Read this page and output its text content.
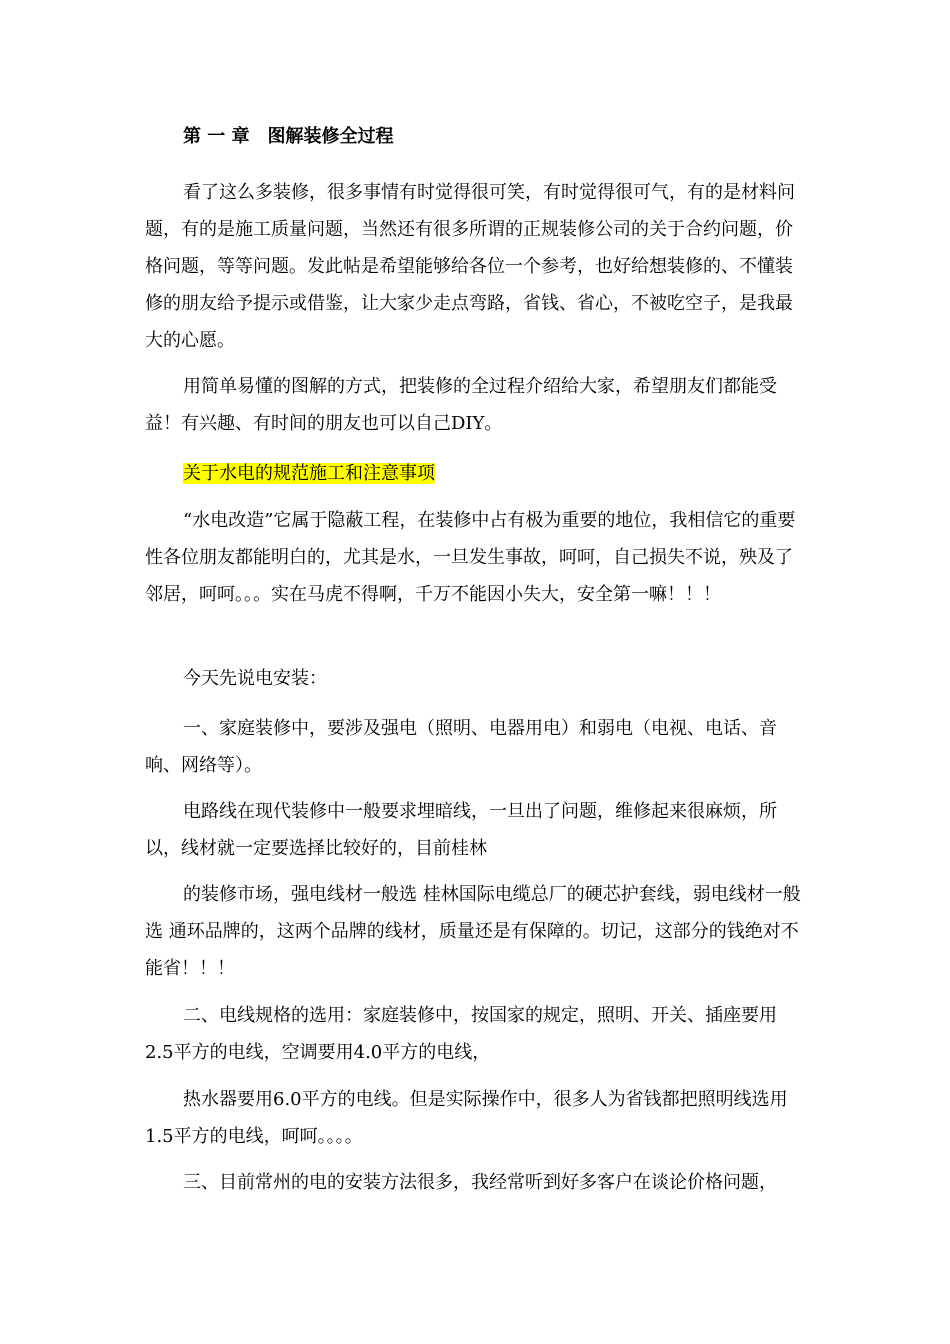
第 一 章　图解装修全过程

看了这么多装修，很多事情有时觉得很可笑，有时觉得很可气，有的是材料问题，有的是施工质量问题，当然还有很多所谓的正规装修公司的关于合约问题，价格问题，等等问题。发此帖是希望能够给各位一个参考，也好给想装修的、不懂装修的朋友给予提示或借鉴，让大家少走点弯路，省钱、省心，不被吃空子，是我最大的心愿。

用简单易懂的图解的方式，把装修的全过程介绍给大家，希望朋友们都能受益！有兴趣、有时间的朋友也可以自己DIY。

关于水电的规范施工和注意事项

“水电改造”它属于隐蔽工程，在装修中占有极为重要的地位，我相信它的重要性各位朋友都能明白的，尤其是水，一旦发生事故，呵呵，自己损失不说，殃及了邻居，呵呵。。。实在马虎不得啊，千万不能因小失大，安全第一嘛！！！

今天先说电安装：

一、家庭装修中，要涉及强电（照明、电器用电）和弱电（电视、电话、音响、网络等）。

电路线在现代装修中一般要求埋暗线，一旦出了问题，维修起来很麻烦，所以，线材就一定要选择比较好的，目前桂林

的装修市场，强电线材一般选 桂林国际电缆总厂的硬芯护套线，弱电线材一般选 通环品牌的，这两个品牌的线材，质量还是有保障的。切记，这部分的钱绝对不能省！！！

二、电线规格的选用：家庭装修中，按国家的规定，照明、开关、插座要用2.5平方的电线，空调要用4.0平方的电线，

热水器要用6.0平方的电线。但是实际操作中，很多人为省钱都把照明线选用1.5平方的电线，呵呵。。。。

三、目前常州的电的安装方法很多，我经常听到好多客户在谈论价格问题，
